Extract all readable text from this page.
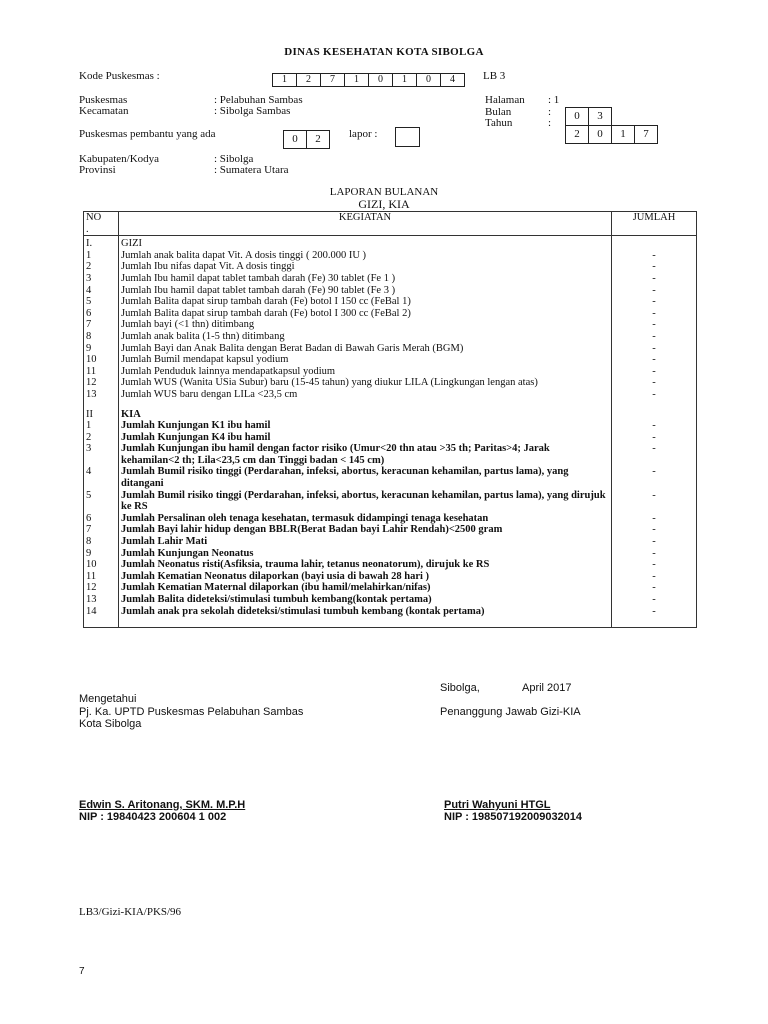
DINAS KESEHATAN KOTA SIBOLGA
Kode Puskesmas :	1	2	7	1	0	1	0	4	LB 3
Puskesmas	: Pelabuhan Sambas
Kecamatan	: Sibolga Sambas
Halaman : 1
Bulan	:	0	3
Tahun	:
2	0	1	7
Puskesmas pembantu yang ada	0	2	lapor :
Kabupaten/Kodya	: Sibolga
Provinsi	: Sumatera Utara
LAPORAN BULANAN
GIZI, KIA
NO
.	KEGIATAN	JUMLAH
I.	GIZI	
1	Jumlah anak balita dapat Vit. A dosis tinggi ( 200.000 IU )	-
2	Jumlah Ibu nifas dapat Vit. A dosis tinggi	-
3	Jumlah Ibu hamil dapat tablet tambah darah (Fe) 30 tablet (Fe 1 )	-
4	Jumlah Ibu hamil dapat tablet tambah darah (Fe) 90 tablet (Fe 3 )	-
5	Jumlah Balita dapat sirup tambah darah (Fe) botol I 150 cc (FeBal 1)	-
6	Jumlah Balita dapat sirup tambah darah (Fe) botol I 300 cc (FeBal 2)	-
7	Jumlah bayi (<1 thn) ditimbang	-
8	Jumlah anak balita (1-5 thn) ditimbang	-
9	Jumlah Bayi dan Anak Balita dengan Berat Badan di Bawah Garis Merah (BGM)	-
10	Jumlah Bumil mendapat kapsul yodium	-
11	Jumlah Penduduk lainnya mendapatkapsul yodium	-
12	Jumlah WUS (Wanita USia Subur) baru (15-45 tahun) yang diukur LILA (Lingkungan lengan atas)	-
13	Jumlah WUS baru dengan LILa <23,5 cm	-

II	KIA	
1	Jumlah Kunjungan K1 ibu hamil	-
2	Jumlah Kunjungan K4 ibu hamil	-
3	Jumlah Kunjungan ibu hamil dengan factor risiko (Umur<20 thn atau >35 th; Paritas>4; Jarak kehamilan<2 th; Lila<23,5 cm dan Tinggi badan < 145 cm)	-
4	Jumlah Bumil risiko tinggi (Perdarahan, infeksi, abortus, keracunan kehamilan, partus lama), yang ditangani	-
5	Jumlah Bumil risiko tinggi (Perdarahan, infeksi, abortus, keracunan kehamilan, partus lama), yang dirujuk ke RS	-
6	Jumlah Persalinan oleh tenaga kesehatan, termasuk didampingi tenaga kesehatan	-
7	Jumlah Bayi lahir hidup dengan BBLR(Berat Badan bayi Lahir Rendah)<2500 gram	-
8	Jumlah Lahir Mati	-
9	Jumlah Kunjungan Neonatus	-
10	Jumlah Neonatus risti(Asfiksia, trauma lahir, tetanus neonatorum), dirujuk ke RS	-
11	Jumlah Kematian Neonatus dilaporkan (bayi usia di bawah 28 hari )	-
12	Jumlah Kematian Maternal dilaporkan (ibu hamil/melahirkan/nifas)	-
13	Jumlah Balita dideteksi/stimulasi tumbuh kembang(kontak pertama)	-
14	Jumlah anak pra sekolah dideteksi/stimulasi tumbuh kembang (kontak pertama)	-
Sibolga,	April 2017
Mengetahui
Pj. Ka. UPTD Puskesmas Pelabuhan Sambas
Kota Sibolga
Penanggung Jawab Gizi-KIA
Edwin S. Aritonang, SKM. M.P.H
NIP : 19840423 200604 1 002
Putri Wahyuni HTGL
NIP : 198507192009032014
LB3/Gizi-KIA/PKS/96
7
